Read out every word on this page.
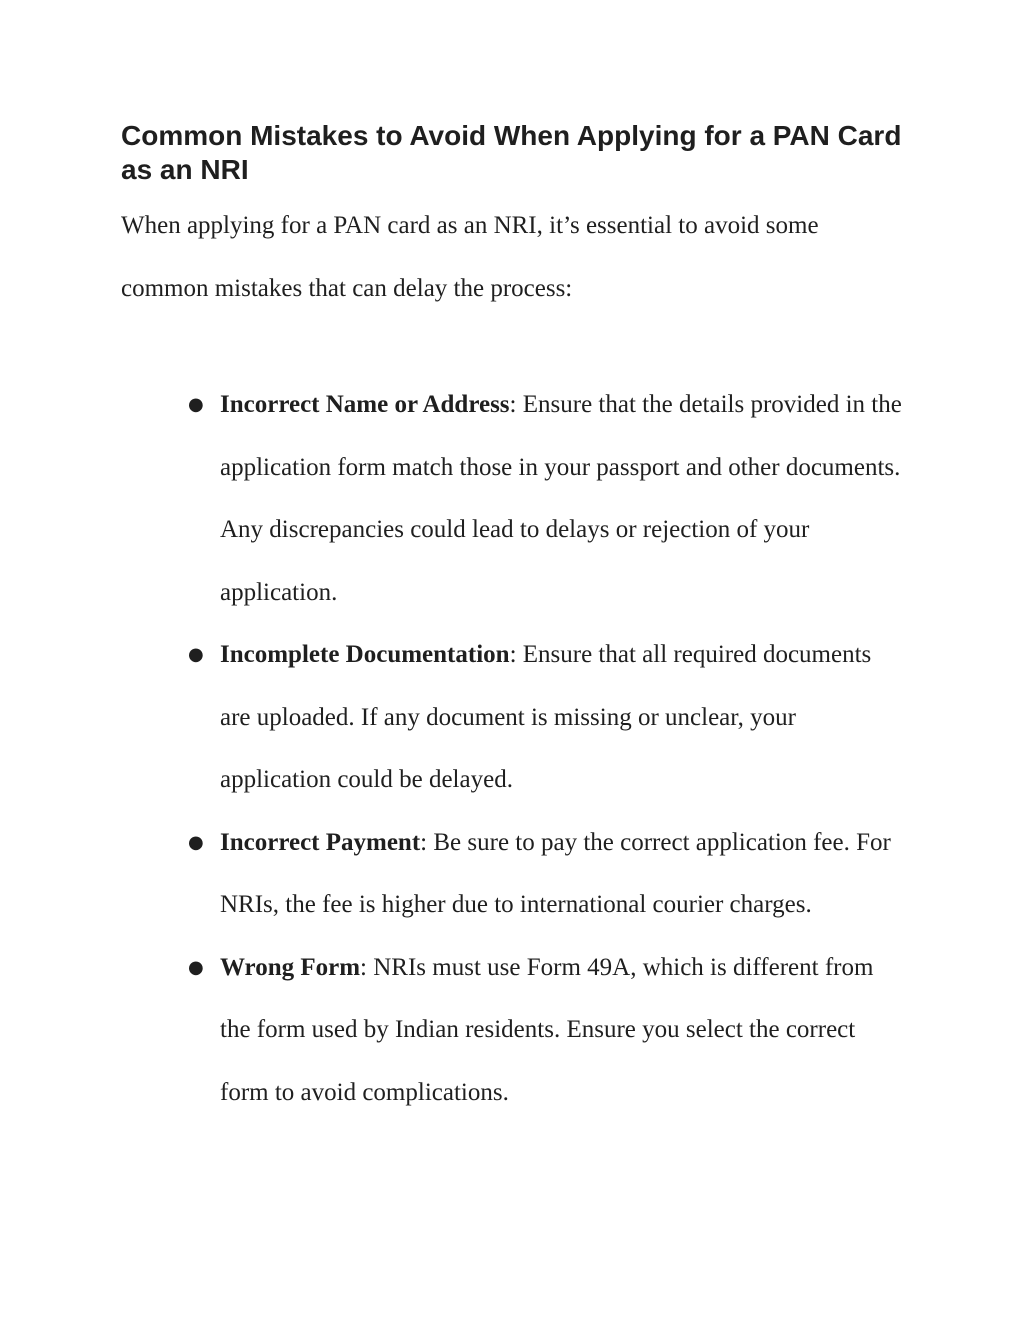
Common Mistakes to Avoid When Applying for a PAN Card as an NRI

When applying for a PAN card as an NRI, it’s essential to avoid some common mistakes that can delay the process:

● Incorrect Name or Address: Ensure that the details provided in the application form match those in your passport and other documents. Any discrepancies could lead to delays or rejection of your application.
● Incomplete Documentation: Ensure that all required documents are uploaded. If any document is missing or unclear, your application could be delayed.
● Incorrect Payment: Be sure to pay the correct application fee. For NRIs, the fee is higher due to international courier charges.
● Wrong Form: NRIs must use Form 49A, which is different from the form used by Indian residents. Ensure you select the correct form to avoid complications.
